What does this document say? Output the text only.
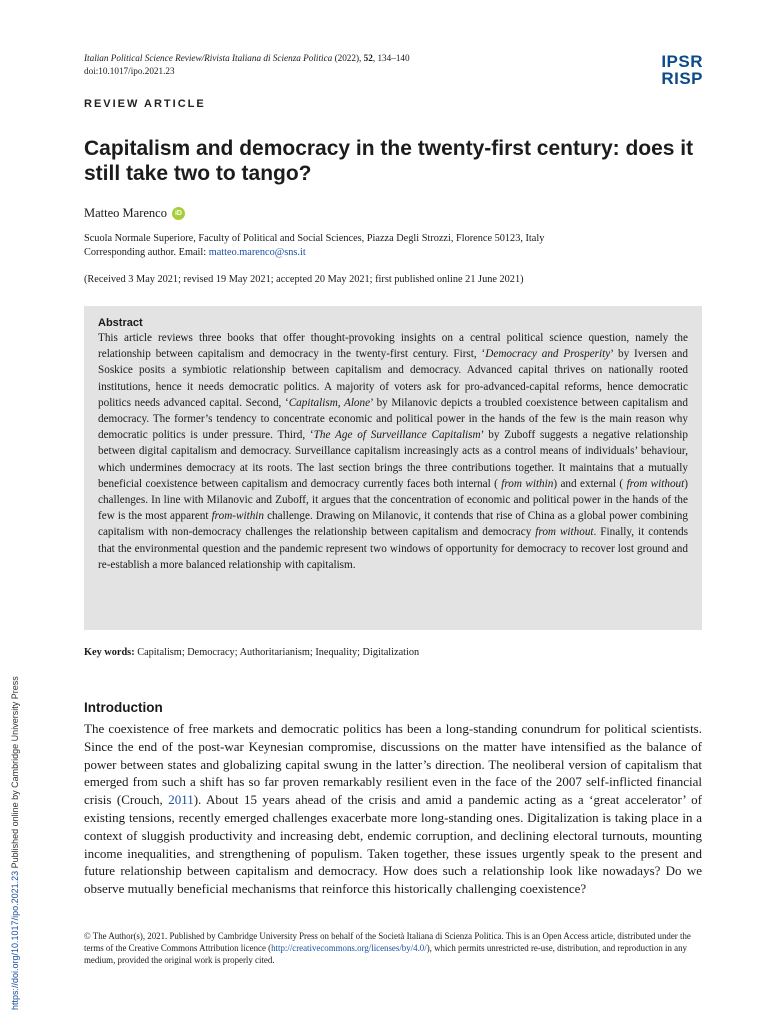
Italian Political Science Review/Rivista Italiana di Scienza Politica (2022), 52, 134–140
doi:10.1017/ipo.2021.23	IPSR
RISP
REVIEW ARTICLE
Capitalism and democracy in the twenty-first century: does it still take two to tango?
Matteo Marenco	iD
Scuola Normale Superiore, Faculty of Political and Social Sciences, Piazza Degli Strozzi, Florence 50123, Italy
Corresponding author. Email: matteo.marenco@sns.it
(Received 3 May 2021; revised 19 May 2021; accepted 20 May 2021; first published online 21 June 2021)
Abstract
This article reviews three books that offer thought-provoking insights on a central political science question, namely the relationship between capitalism and democracy in the twenty-first century. First, ‘Democracy and Prosperity’ by Iversen and Soskice posits a symbiotic relationship between capitalism and democracy. Advanced capital thrives on nationally rooted institutions, hence it needs democratic politics. A majority of voters ask for pro-advanced-capital reforms, hence democratic politics needs advanced capital. Second, ‘Capitalism, Alone’ by Milanovic depicts a troubled coexistence between capitalism and democracy. The former’s tendency to concentrate economic and political power in the hands of the few is the main reason why democratic politics is under pressure. Third, ‘The Age of Surveillance Capitalism’ by Zuboff suggests a negative relationship between digital capitalism and democracy. Surveillance capitalism increasingly acts as a control means of individuals’ behaviour, which undermines democracy at its roots. The last section brings the three contributions together. It maintains that a mutually beneficial coexistence between capitalism and democracy currently faces both internal ( from within) and external ( from without) challenges. In line with Milanovic and Zuboff, it argues that the concentration of economic and political power in the hands of the few is the most apparent from-within challenge. Drawing on Milanovic, it contends that rise of China as a global power combining capitalism with non-democracy challenges the relationship between capitalism and democracy from without. Finally, it contends that the environmental question and the pandemic represent two windows of opportunity for democracy to recover lost ground and re-establish a more balanced relationship with capitalism.
Key words: Capitalism; Democracy; Authoritarianism; Inequality; Digitalization
Introduction
The coexistence of free markets and democratic politics has been a long-standing conundrum for political scientists. Since the end of the post-war Keynesian compromise, discussions on the matter have intensified as the balance of power between states and globalizing capital swung in the latter’s direction. The neoliberal version of capitalism that emerged from such a shift has so far proven remarkably resilient even in the face of the 2007 self-inflicted financial crisis (Crouch, 2011). About 15 years ahead of the crisis and amid a pandemic acting as a ‘great accelerator’ of existing tensions, recently emerged challenges exacerbate more long-standing ones. Digitalization is taking place in a context of sluggish productivity and increasing debt, endemic corruption, and declining electoral turnouts, mounting income inequalities, and strengthening of populism. Taken together, these issues urgently speak to the present and future relationship between capitalism and democracy. How does such a relationship look like nowadays? Do we observe mutually beneficial mechanisms that reinforce this historically challenging coexistence?
© The Author(s), 2021. Published by Cambridge University Press on behalf of the Società Italiana di Scienza Politica. This is an Open Access article, distributed under the terms of the Creative Commons Attribution licence (http://creativecommons.org/licenses/by/4.0/), which permits unrestricted re-use, distribution, and reproduction in any medium, provided the original work is properly cited.
https://doi.org/10.1017/ipo.2021.23 Published online by Cambridge University Press
